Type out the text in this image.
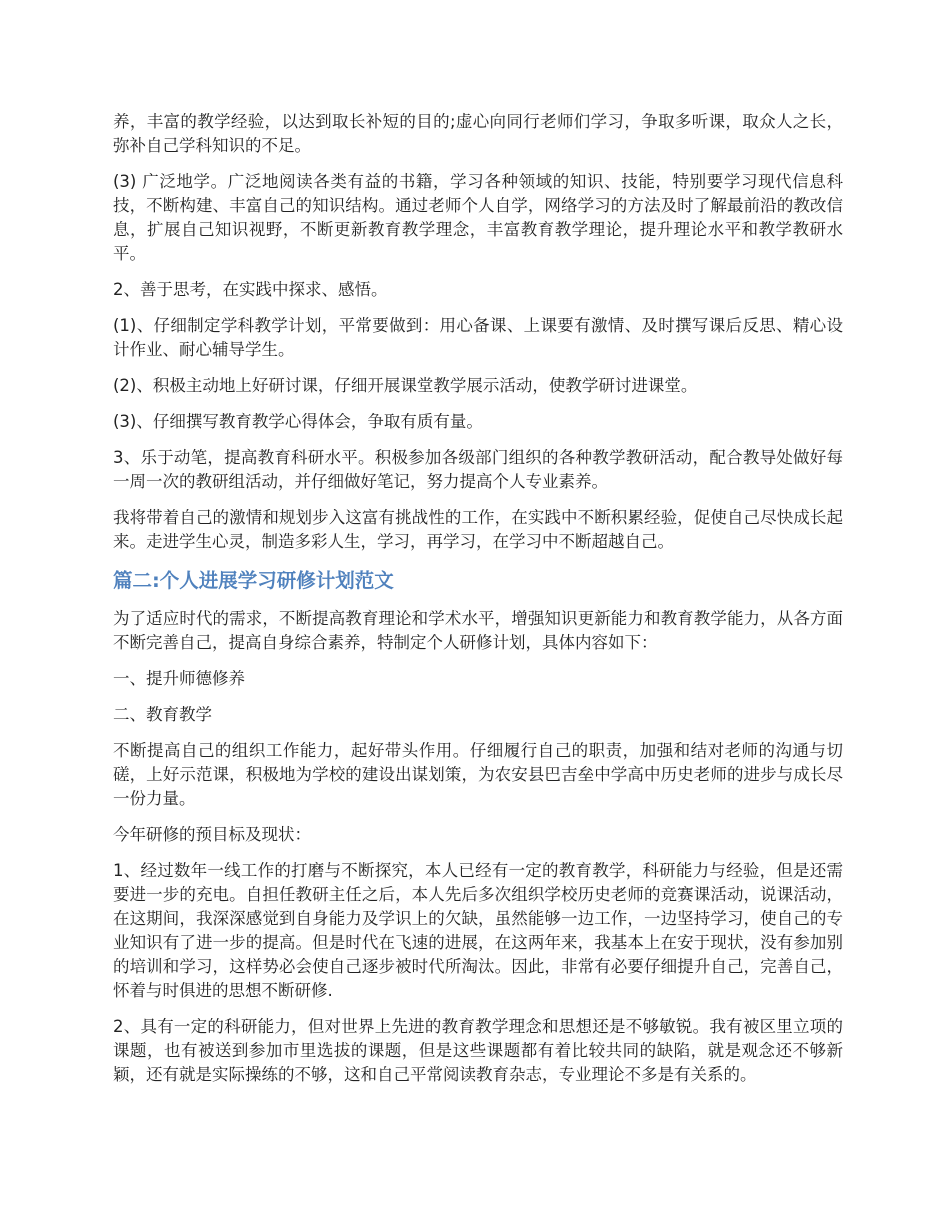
养，丰富的教学经验，以达到取长补短的目的;虚心向同行老师们学习，争取多听课，取众人之长，弥补自己学科知识的不足。

(3) 广泛地学。广泛地阅读各类有益的书籍，学习各种领域的知识、技能，特别要学习现代信息科技，不断构建、丰富自己的知识结构。通过老师个人自学，网络学习的方法及时了解最前沿的教改信息，扩展自己知识视野，不断更新教育教学理念，丰富教育教学理论，提升理论水平和教学教研水平。

2、善于思考，在实践中探求、感悟。

(1)、仔细制定学科教学计划，平常要做到：用心备课、上课要有激情、及时撰写课后反思、精心设计作业、耐心辅导学生。

(2)、积极主动地上好研讨课，仔细开展课堂教学展示活动，使教学研讨进课堂。

(3)、仔细撰写教育教学心得体会，争取有质有量。

3、乐于动笔，提高教育科研水平。积极参加各级部门组织的各种教学教研活动，配合教导处做好每一周一次的教研组活动，并仔细做好笔记，努力提高个人专业素养。

我将带着自己的激情和规划步入这富有挑战性的工作，在实践中不断积累经验，促使自己尽快成长起来。走进学生心灵，制造多彩人生，学习，再学习，在学习中不断超越自己。

篇二:个人进展学习研修计划范文

为了适应时代的需求，不断提高教育理论和学术水平，增强知识更新能力和教育教学能力，从各方面不断完善自己，提高自身综合素养，特制定个人研修计划，具体内容如下：

一、提升师德修养

二、教育教学

不断提高自己的组织工作能力，起好带头作用。仔细履行自己的职责，加强和结对老师的沟通与切磋，上好示范课，积极地为学校的建设出谋划策，为农安县巴吉垒中学高中历史老师的进步与成长尽一份力量。

今年研修的预目标及现状：

1、经过数年一线工作的打磨与不断探究，本人已经有一定的教育教学，科研能力与经验，但是还需要进一步的充电。自担任教研主任之后，本人先后多次组织学校历史老师的竞赛课活动，说课活动，在这期间，我深深感觉到自身能力及学识上的欠缺，虽然能够一边工作，一边坚持学习，使自己的专业知识有了进一步的提高。但是时代在飞速的进展，在这两年来，我基本上在安于现状，没有参加别的培训和学习，这样势必会使自己逐步被时代所淘汰。因此，非常有必要仔细提升自己，完善自己，怀着与时俱进的思想不断研修.

2、具有一定的科研能力，但对世界上先进的教育教学理念和思想还是不够敏锐。我有被区里立项的课题，也有被送到参加市里选拔的课题，但是这些课题都有着比较共同的缺陷，就是观念还不够新颖，还有就是实际操练的不够，这和自己平常阅读教育杂志，专业理论不多是有关系的。
